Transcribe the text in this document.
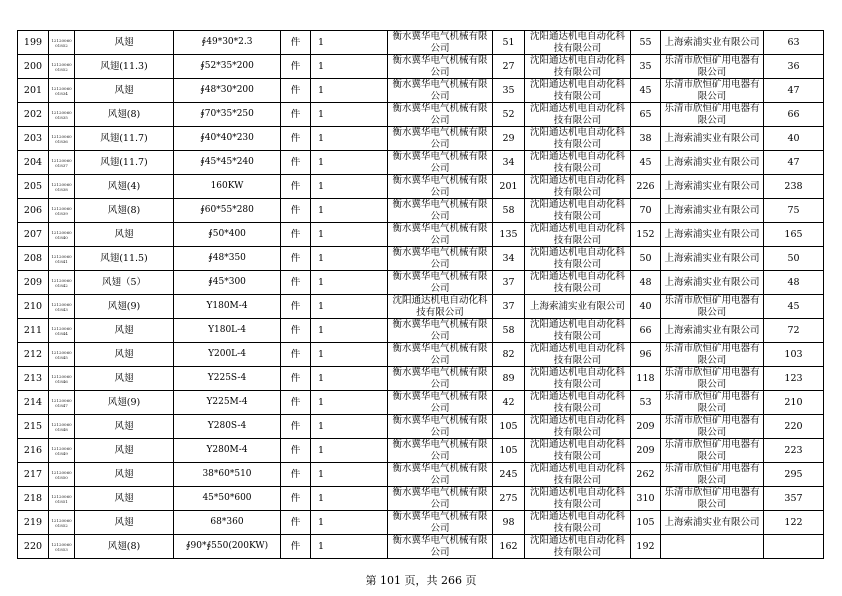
199	12120060 01852	风翅	∮49*30*2.3	件	1	衡水冀华电气机械有限公司	51	沈阳通达机电自动化科技有限公司	55	上海索浦实业有限公司	63
200	12120060 01852	风翅(11.3)	∮52*35*200	件	1	衡水冀华电气机械有限公司	27	沈阳通达机电自动化科技有限公司	35	乐清市欣恒矿用电器有限公司	36
201	12120060 01834	风翅	∮48*30*200	件	1	衡水冀华电气机械有限公司	35	沈阳通达机电自动化科技有限公司	45	乐清市欣恒矿用电器有限公司	47
202	12120060 01835	风翅(8)	∮70*35*250	件	1	衡水冀华电气机械有限公司	52	沈阳通达机电自动化科技有限公司	65	乐清市欣恒矿用电器有限公司	66
203	12120060 01836	风翅(11.7)	∮40*40*230	件	1	衡水冀华电气机械有限公司	29	沈阳通达机电自动化科技有限公司	38	上海索浦实业有限公司	40
204	12120060 01837	风翅(11.7)	∮45*45*240	件	1	衡水冀华电气机械有限公司	34	沈阳通达机电自动化科技有限公司	45	上海索浦实业有限公司	47
205	12120060 01838	风翅(4)	160KW	件	1	衡水冀华电气机械有限公司	201	沈阳通达机电自动化科技有限公司	226	上海索浦实业有限公司	238
206	12120060 01839	风翅(8)	∮60*55*280	件	1	衡水冀华电气机械有限公司	58	沈阳通达机电自动化科技有限公司	70	上海索浦实业有限公司	75
207	12120060 01840	风翅	∮50*400	件	1	衡水冀华电气机械有限公司	135	沈阳通达机电自动化科技有限公司	152	上海索浦实业有限公司	165
208	12120060 01841	风翅(11.5)	∮48*350	件	1	衡水冀华电气机械有限公司	34	沈阳通达机电自动化科技有限公司	50	上海索浦实业有限公司	50
209	12120060 01842	风翅（5）	∮45*300	件	1	衡水冀华电气机械有限公司	37	沈阳通达机电自动化科技有限公司	48	上海索浦实业有限公司	48
210	12120060 01843	风翅(9)	Y180M-4	件	1	沈阳通达机电自动化科技有限公司	37	上海索浦实业有限公司	40	乐清市欣恒矿用电器有限公司	45
211	12120060 01844	风翅	Y180L-4	件	1	衡水冀华电气机械有限公司	58	沈阳通达机电自动化科技有限公司	66	上海索浦实业有限公司	72
212	12120060 01845	风翅	Y200L-4	件	1	衡水冀华电气机械有限公司	82	沈阳通达机电自动化科技有限公司	96	乐清市欣恒矿用电器有限公司	103
213	12120060 01846	风翅	Y225S-4	件	1	衡水冀华电气机械有限公司	89	沈阳通达机电自动化科技有限公司	118	乐清市欣恒矿用电器有限公司	123
214	12120060 01847	风翅(9)	Y225M-4	件	1	衡水冀华电气机械有限公司	42	沈阳通达机电自动化科技有限公司	53	乐清市欣恒矿用电器有限公司	210
215	12120060 01848	风翅	Y280S-4	件	1	衡水冀华电气机械有限公司	105	沈阳通达机电自动化科技有限公司	209	乐清市欣恒矿用电器有限公司	220
216	12120060 01849	风翅	Y280M-4	件	1	衡水冀华电气机械有限公司	105	沈阳通达机电自动化科技有限公司	209	乐清市欣恒矿用电器有限公司	223
217	12120060 01850	风翅	38*60*510	件	1	衡水冀华电气机械有限公司	245	沈阳通达机电自动化科技有限公司	262	乐清市欣恒矿用电器有限公司	295
218	12120060 01851	风翅	45*50*600	件	1	衡水冀华电气机械有限公司	275	沈阳通达机电自动化科技有限公司	310	乐清市欣恒矿用电器有限公司	357
219	12120060 01852	风翅	68*360	件	1	衡水冀华电气机械有限公司	98	沈阳通达机电自动化科技有限公司	105	上海索浦实业有限公司	122
220	12120060 01853	风翅(8)	∮90*∮550(200KW)	件	1	衡水冀华电气机械有限公司	162	沈阳通达机电自动化科技有限公司	192		
第 101 页，共 266 页
